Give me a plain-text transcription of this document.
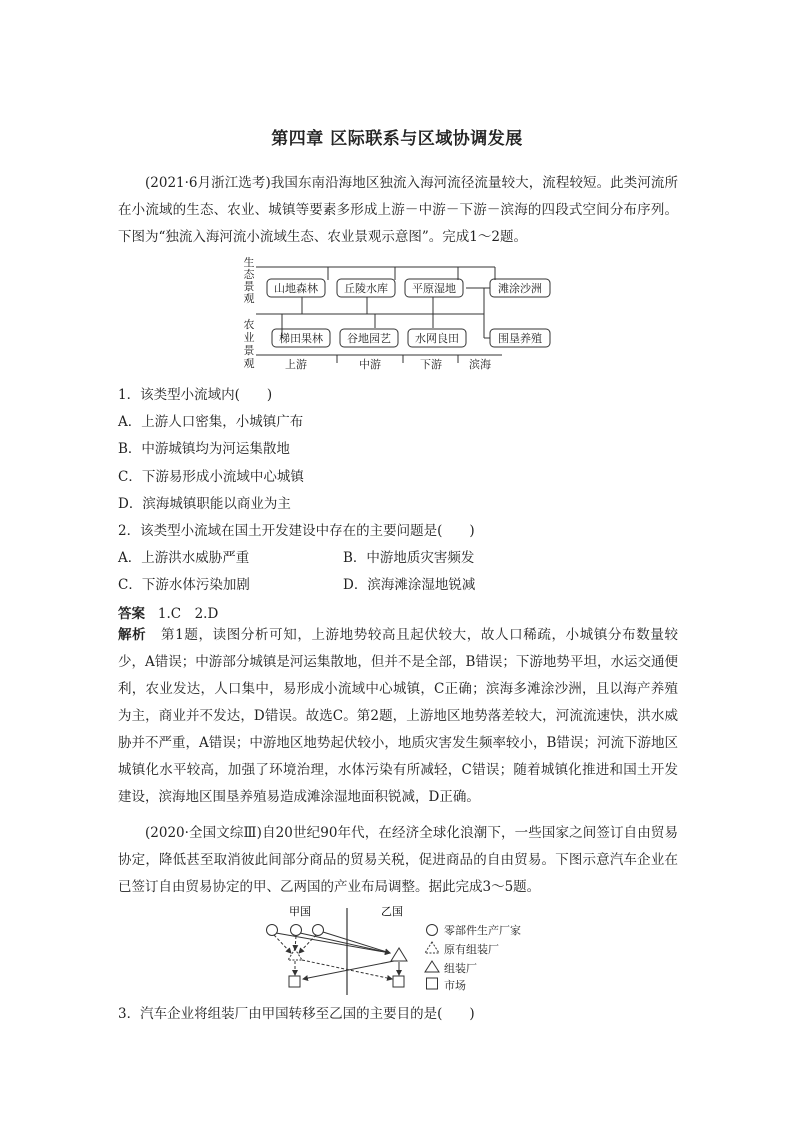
第四章 区际联系与区域协调发展

(2021·6月浙江选考)我国东南沿海地区独流入海河流径流量较大，流程较短。此类河流所在小流域的生态、农业、城镇等要素多形成上游－中游－下游－滨海的四段式空间分布序列。下图为“独流入海河流小流域生态、农业景观示意图”。完成1～2题。

生
态
景
观
农
业
景
观
山地森林 丘陵水库 平原湿地	滩涂沙洲
梯田果林 谷地园艺 水网良田	围垦养殖
上游	中游	下游 滨海
1．该类型小流域内(　　)
A．上游人口密集，小城镇广布
B．中游城镇均为河运集散地
C．下游易形成小流域中心城镇
D．滨海城镇职能以商业为主
2．该类型小流域在国土开发建设中存在的主要问题是(　　)
A．上游洪水威胁严重	B．中游地质灾害频发
C．下游水体污染加剧	D．滨海滩涂湿地锐减
答案 1.C　2.D

解析 第1题，读图分析可知，上游地势较高且起伏较大，故人口稀疏，小城镇分布数量较少，A错误；中游部分城镇是河运集散地，但并不是全部，B错误；下游地势平坦，水运交通便利，农业发达，人口集中，易形成小流域中心城镇，C正确；滨海多滩涂沙洲，且以海产养殖为主，商业并不发达，D错误。故选C。第2题，上游地区地势落差较大，河流流速快，洪水威胁并不严重，A错误；中游地区地势起伏较小，地质灾害发生频率较小，B错误；河流下游地区城镇化水平较高，加强了环境治理，水体污染有所减轻，C错误；随着城镇化推进和国土开发建设，滨海地区围垦养殖易造成滩涂湿地面积锐减，D正确。

(2020·全国文综Ⅲ)自20世纪90年代，在经济全球化浪潮下，一些国家之间签订自由贸易协定，降低甚至取消彼此间部分商品的贸易关税，促进商品的自由贸易。下图示意汽车企业在已签订自由贸易协定的甲、乙两国的产业布局调整。据此完成3～5题。

甲国	乙国
零部件生产厂家
原有组装厂
组装厂
市场
3．汽车企业将组装厂由甲国转移至乙国的主要目的是(　　)
